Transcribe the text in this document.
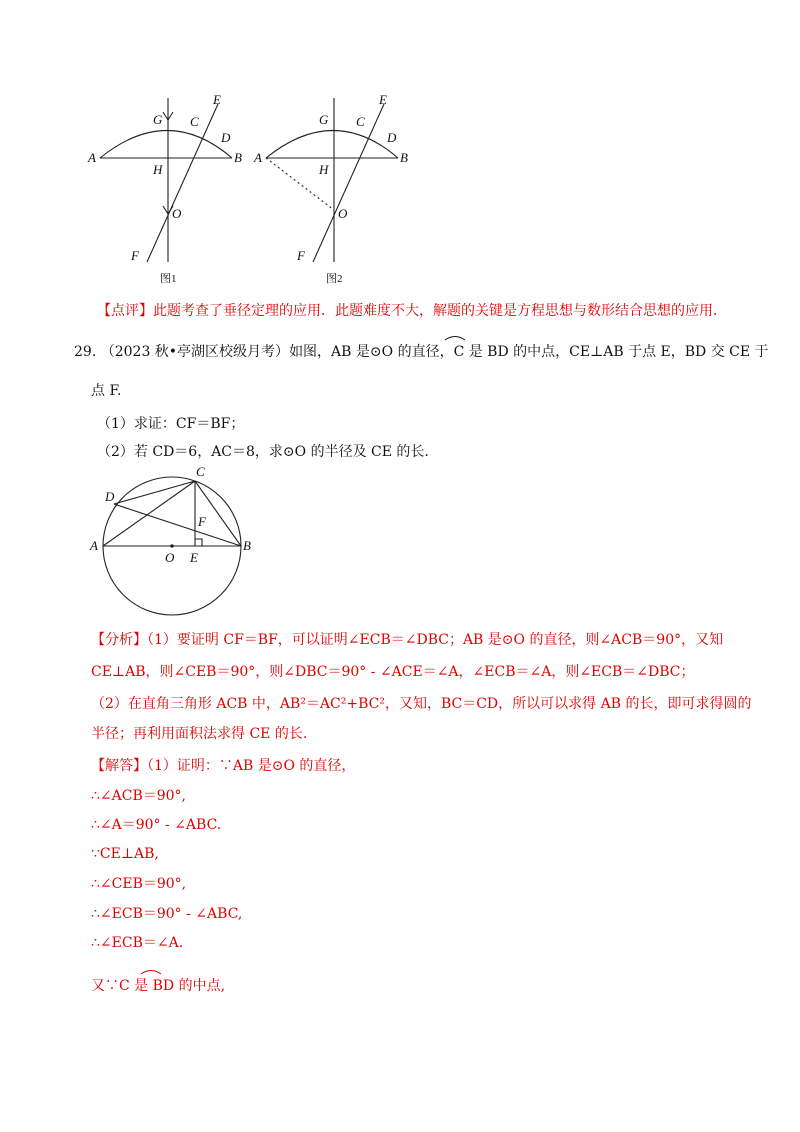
A	B
G C
D
E
H
O
F
图1
A	B
G C
D
E
H
O
F
图2
【点评】此题考查了垂径定理的应用．此题难度不大，解题的关键是方程思想与数形结合思想的应用．
29. （2023 秋•亭湖区校级月考）如图，AB 是⊙O 的直径，C 是 BD 的中点，CE⊥AB 于点 E，BD 交 CE 于
点 F.
（1）求证：CF＝BF；
（2）若 CD＝6，AC＝8，求⊙O 的半径及 CE 的长.
A	B
C
D
F
O E
【分析】（1）要证明 CF＝BF，可以证明∠ECB＝∠DBC；AB 是⊙O 的直径，则∠ACB＝90°，又知
CE⊥AB，则∠CEB＝90°，则∠DBC＝90° - ∠ACE＝∠A，∠ECB＝∠A，则∠ECB＝∠DBC；
（2）在直角三角形 ACB 中，AB²＝AC²+BC²，又知，BC＝CD，所以可以求得 AB 的长，即可求得圆的
半径；再利用面积法求得 CE 的长.
【解答】（1）证明：∵AB 是⊙O 的直径，
∴∠ACB＝90°,
∴∠A＝90° - ∠ABC.
∵CE⊥AB,
∴∠CEB＝90°,
∴∠ECB＝90° - ∠ABC,
∴∠ECB＝∠A.
又∵C 是 BD 的中点,
